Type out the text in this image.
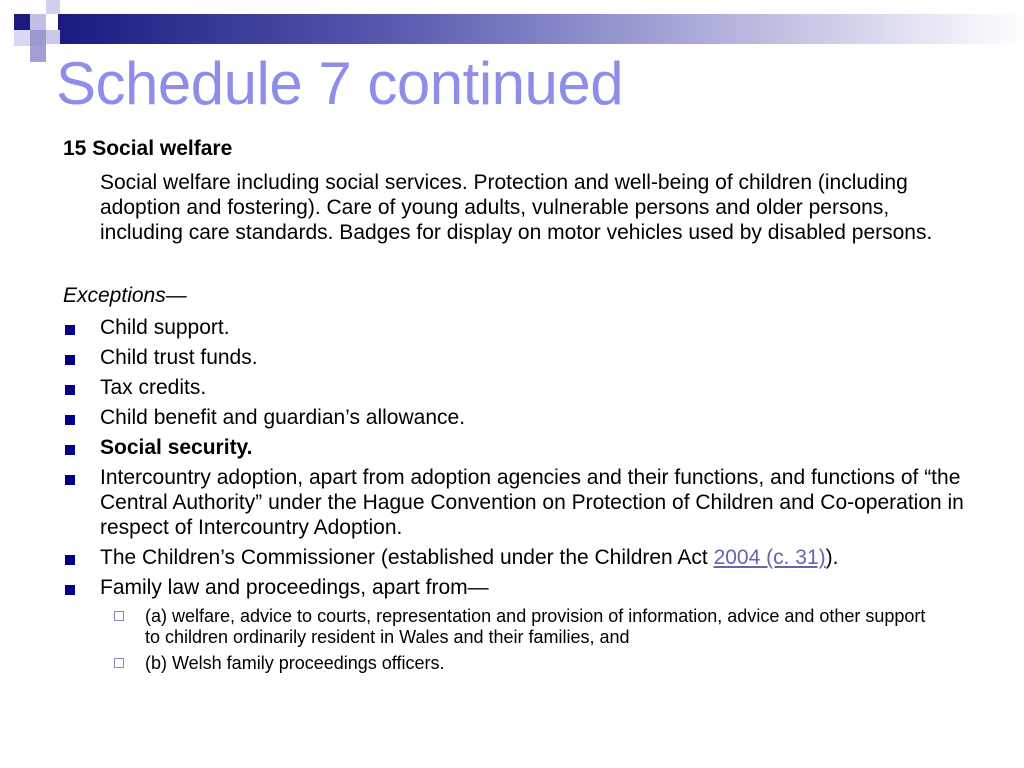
Schedule 7 continued

15 Social welfare

Social welfare including social services. Protection and well-being of children (including adoption and fostering). Care of young adults, vulnerable persons and older persons, including care standards. Badges for display on motor vehicles used by disabled persons.

Exceptions—

Child support.
Child trust funds.
Tax credits.
Child benefit and guardian’s allowance.
Social security.
Intercountry adoption, apart from adoption agencies and their functions, and functions of “the Central Authority” under the Hague Convention on Protection of Children and Co-operation in respect of Intercountry Adoption.
The Children’s Commissioner (established under the Children Act 2004 (c. 31)).
Family law and proceedings, apart from—
(a) welfare, advice to courts, representation and provision of information, advice and other support to children ordinarily resident in Wales and their families, and
(b) Welsh family proceedings officers.
